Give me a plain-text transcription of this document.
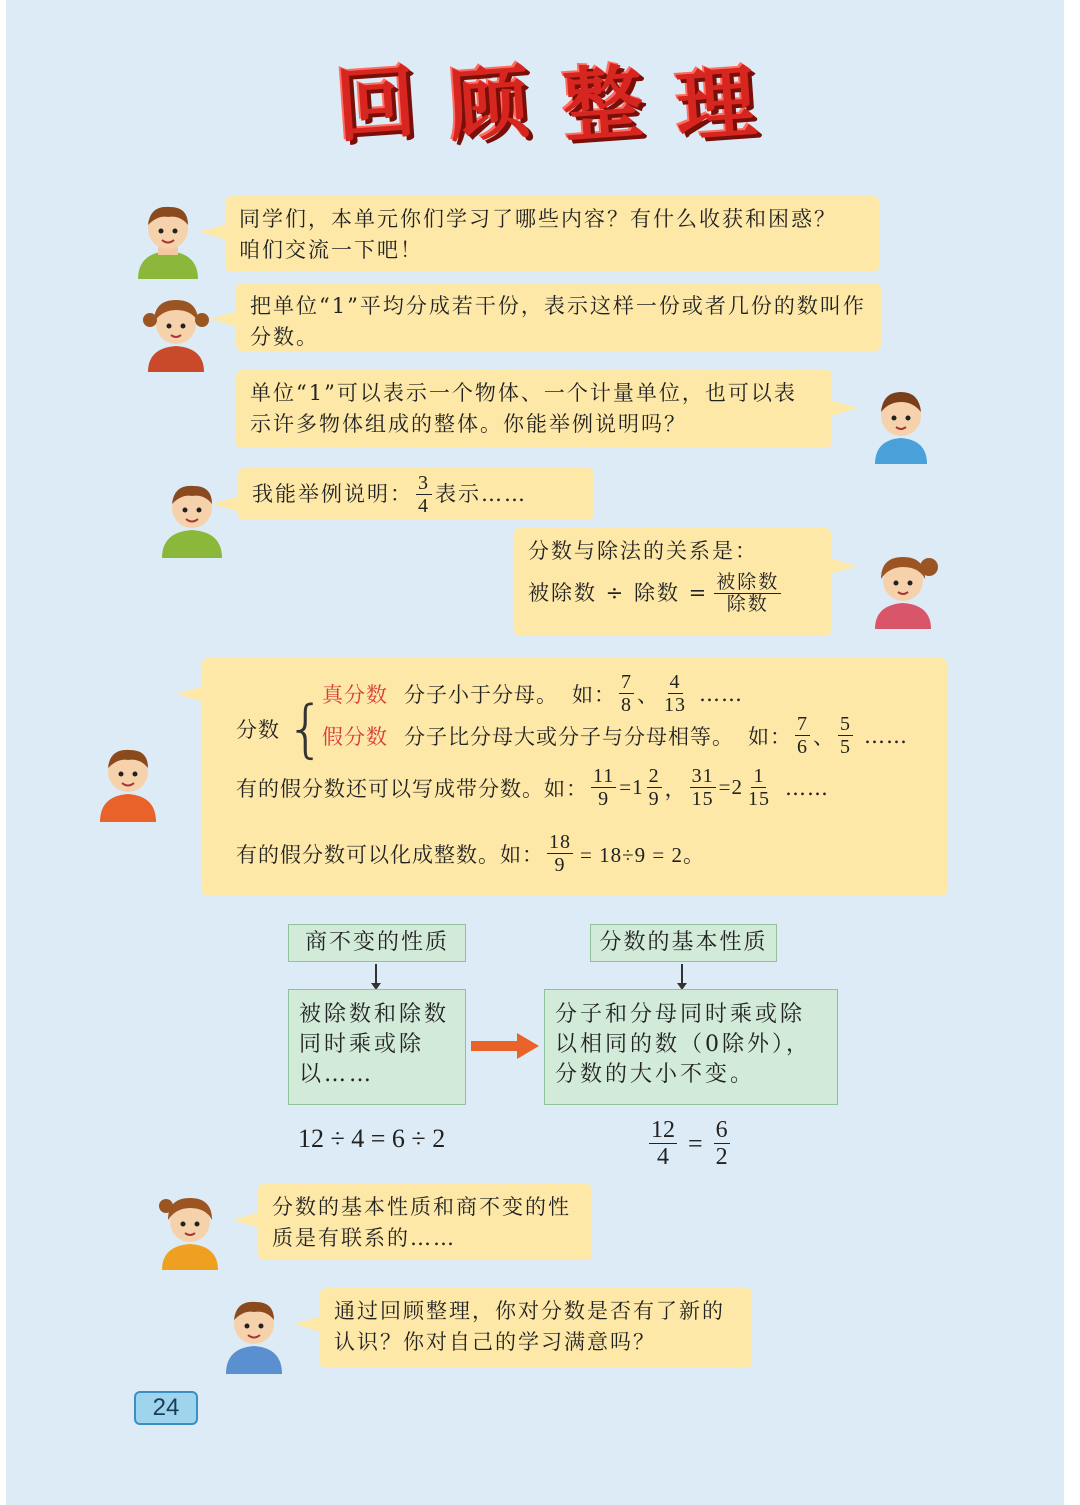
回 顾 整 理
同学们，本单元你们学习了哪些内容？有什么收获和困惑？ 咱们交流一下吧！
把单位“1”平均分成若干份，表示这样一份或者几份的数叫作分数。
单位“1”可以表示一个物体、一个计量单位，也可以表示许多物体组成的整体。你能举例说明吗？
我能举例说明： $\frac{3}{4}$ 表示……
分数与除法的关系是：
被除数 ÷ 除数 = $\frac{\text{被除数}}{\text{除数}}$
分数 {
真分数 分子小于分母。 如： $\frac{7}{8}$ 、 $\frac{4}{13}$ ……
假分数 分子比分母大或分子与分母相等。 如： $\frac{7}{6}$ 、 $\frac{5}{5}$ ……
有的假分数还可以写成带分数 。如： $\frac{11}{9} =1 \frac{2}{9}$ ， $\frac{31}{15} =2 \frac{1}{15}$ ……
有的假分数可以化成整数。如： $\frac{18}{9} = 18\div 9 = 2$。
商不变的性质
被除数和除数同时乘或除以……
分数的基本性质
分子和分母同时乘或除以相同的数（0除外），分数的大小不变。
12 ÷ 4 = 6 ÷ 2	$\frac{12}{4} = \frac{6}{2}$
分数的基本性质和商不变的性质是有联系的……
通过回顾整理，你对分数是否有了新的认识？你对自己的学习满意吗？
24
